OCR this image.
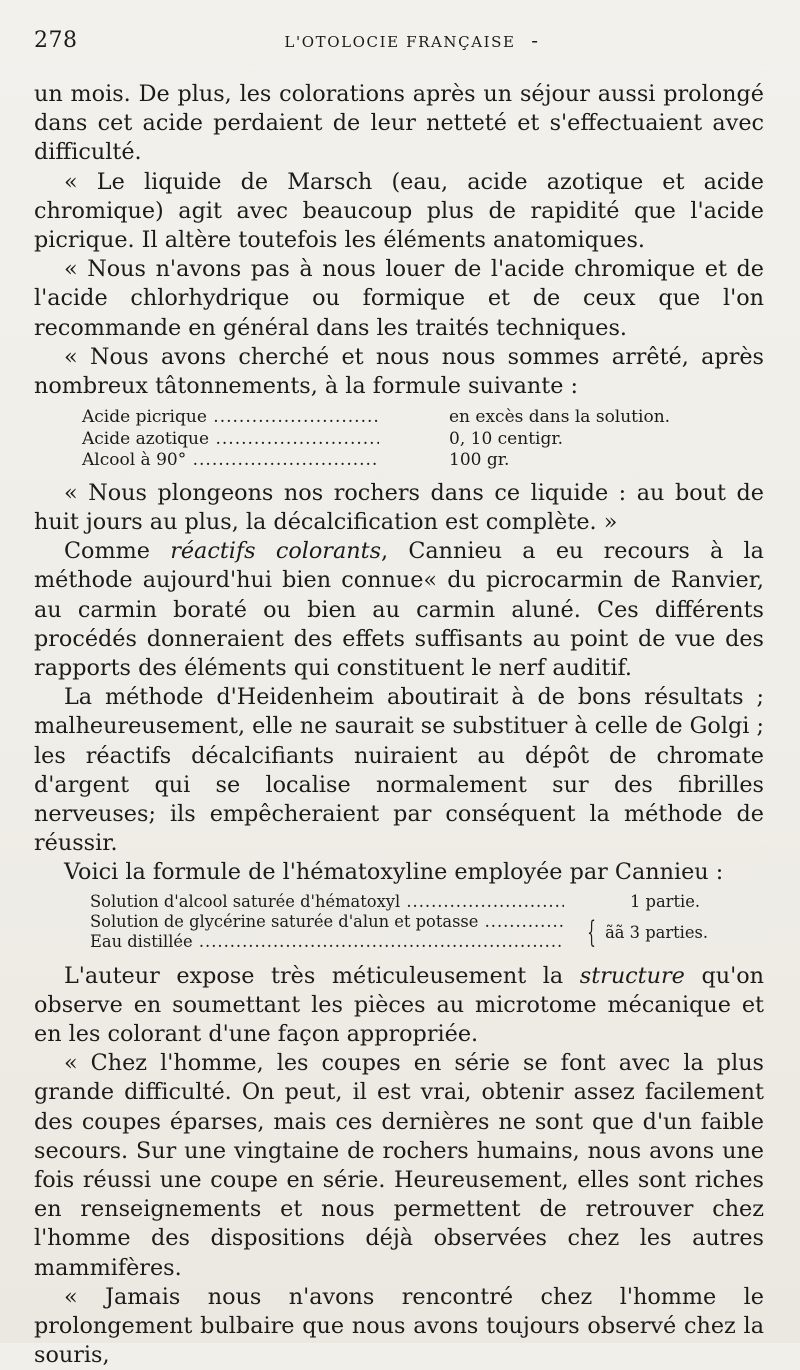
278	L'OTOLOCIE FRANÇAISE -

un mois. De plus, les colorations après un séjour aussi prolongé dans cet acide perdaient de leur netteté et s'effectuaient avec difficulté.

« Le liquide de Marsch (eau, acide azotique et acide chromique) agit avec beaucoup plus de rapidité que l'acide picrique. Il altère toutefois les éléments anatomiques.

« Nous n'avons pas à nous louer de l'acide chromique et de l'acide chlorhydrique ou formique et de ceux que l'on recommande en général dans les traités techniques.

« Nous avons cherché et nous nous sommes arrêté, après nombreux tâtonnements, à la formule suivante :

Acide picrique .....	en excès dans la solution.
Acide azotique .....	0, 10 centigr.
Alcool à 90° .....	100 gr.

« Nous plongeons nos rochers dans ce liquide : au bout de huit jours au plus, la décalcification est complète. »

Comme réactifs colorants, Cannieu a eu recours à la méthode aujourd'hui bien connue« du picrocarmin de Ranvier, au carmin boraté ou bien au carmin aluné. Ces différents procédés donneraient des effets suffisants au point de vue des rapports des éléments qui constituent le nerf auditif.

La méthode d'Heidenheim aboutirait à de bons résultats ; malheureusement, elle ne saurait se substituer à celle de Golgi ; les réactifs décalcifiants nuiraient au dépôt de chromate d'argent qui se localise normalement sur des fibrilles nerveuses; ils empêcheraient par conséquent la méthode de réussir.

Voici la formule de l'hématoxyline employée par Cannieu :

Solution d'alcool saturée d'hématoxyl .....	1 partie.
Solution de glycérine saturée d'alun et potasse .....
Eau distillée .....	{ ãã 3 parties.

L'auteur expose très méticuleusement la structure qu'on observe en soumettant les pièces au microtome mécanique et en les colorant d'une façon appropriée.

« Chez l'homme, les coupes en série se font avec la plus grande difficulté. On peut, il est vrai, obtenir assez facilement des coupes éparses, mais ces dernières ne sont que d'un faible secours. Sur une vingtaine de rochers humains, nous avons une fois réussi une coupe en série. Heureusement, elles sont riches en renseignements et nous permettent de retrouver chez l'homme des dispositions déjà observées chez les autres mammifères.

« Jamais nous n'avons rencontré chez l'homme le prolongement bulbaire que nous avons toujours observé chez la souris,
